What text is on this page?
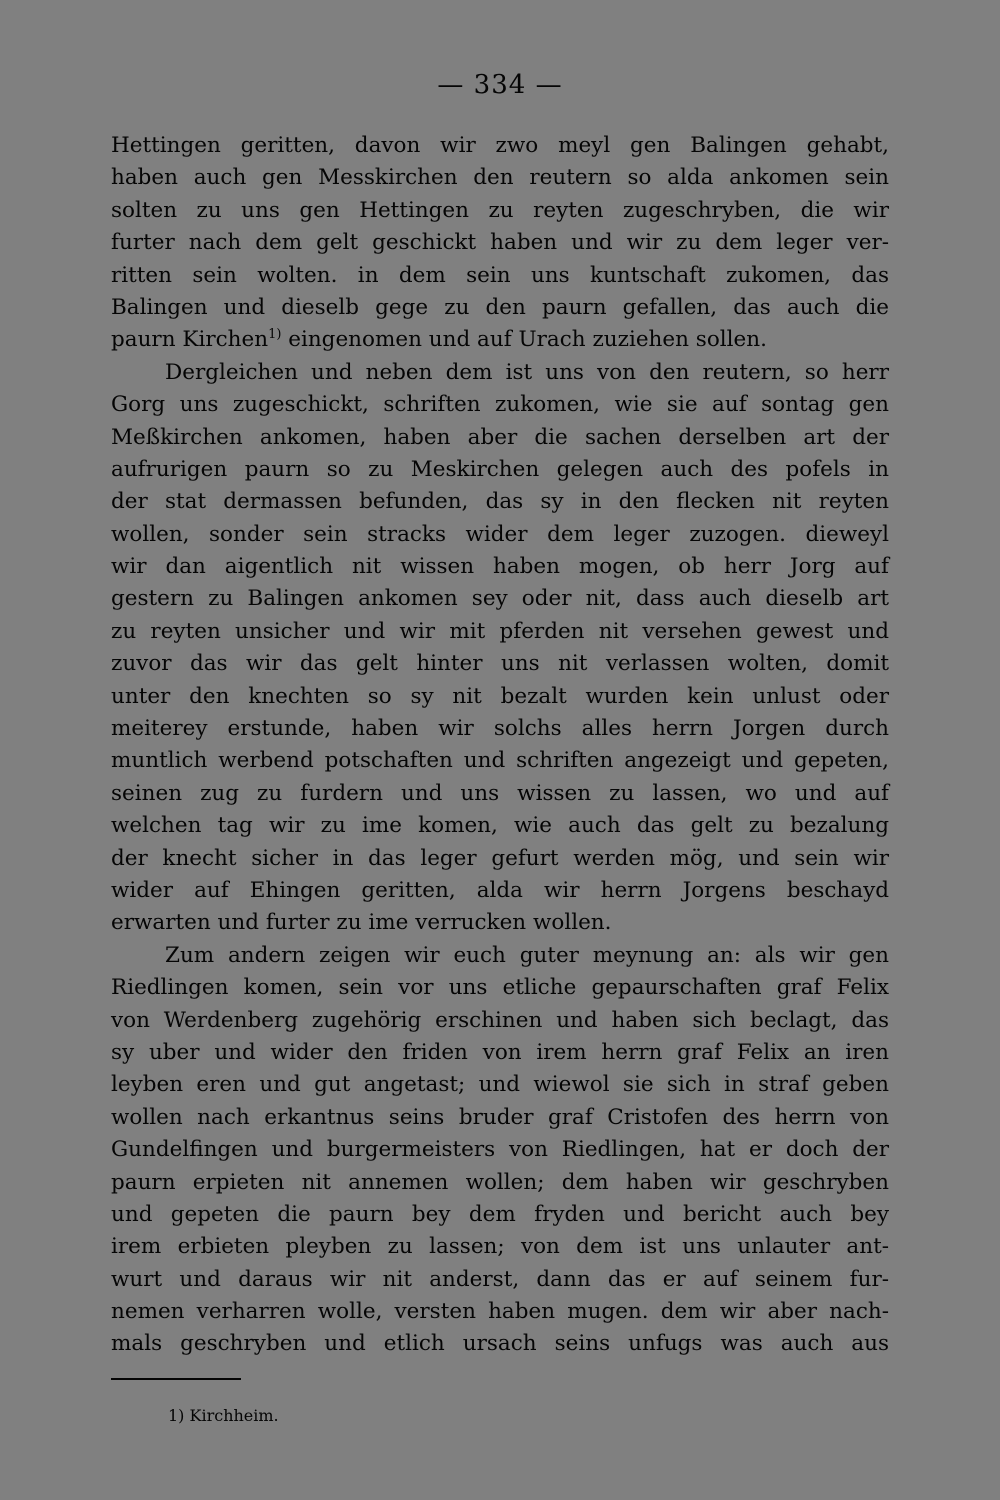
— 334 —
Hettingen geritten, davon wir zwo meyl gen Balingen gehabt,
haben auch gen Messkirchen den reutern so alda ankomen sein
solten zu uns gen Hettingen zu reyten zugeschryben, die wir
furter nach dem gelt geschickt haben und wir zu dem leger ver-
ritten sein wolten. in dem sein uns kuntschaft zukomen, das
Balingen und dieselb gege zu den paurn gefallen, das auch die
paurn Kirchen$^{1)}$ eingenomen und auf Urach zuziehen sollen.
Dergleichen und neben dem ist uns von den reutern, so herr
Gorg uns zugeschickt, schriften zukomen, wie sie auf sontag gen
Meßkirchen ankomen, haben aber die sachen derselben art der
aufrurigen paurn so zu Meskirchen gelegen auch des pofels in
der stat dermassen befunden, das sy in den flecken nit reyten
wollen, sonder sein stracks wider dem leger zuzogen. dieweyl
wir dan aigentlich nit wissen haben mogen, ob herr Jorg auf
gestern zu Balingen ankomen sey oder nit, dass auch dieselb art
zu reyten unsicher und wir mit pferden nit versehen gewest und
zuvor das wir das gelt hinter uns nit verlassen wolten, domit
unter den knechten so sy nit bezalt wurden kein unlust oder
meiterey erstunde, haben wir solchs alles herrn Jorgen durch
muntlich werbend potschaften und schriften angezeigt und gepeten,
seinen zug zu furdern und uns wissen zu lassen, wo und auf
welchen tag wir zu ime komen, wie auch das gelt zu bezalung
der knecht sicher in das leger gefurt werden mög, und sein wir
wider auf Ehingen geritten, alda wir herrn Jorgens beschayd
erwarten und furter zu ime verrucken wollen.
Zum andern zeigen wir euch guter meynung an: als wir gen
Riedlingen komen, sein vor uns etliche gepaurschaften graf Felix
von Werdenberg zugehörig erschinen und haben sich beclagt, das
sy uber und wider den friden von irem herrn graf Felix an iren
leyben eren und gut angetast; und wiewol sie sich in straf geben
wollen nach erkantnus seins bruder graf Cristofen des herrn von
Gundelfingen und burgermeisters von Riedlingen, hat er doch der
paurn erpieten nit annemen wollen; dem haben wir geschryben
und gepeten die paurn bey dem fryden und bericht auch bey
irem erbieten pleyben zu lassen; von dem ist uns unlauter ant-
wurt und daraus wir nit anderst, dann das er auf seinem fur-
nemen verharren wolle, versten haben mugen. dem wir aber nach-
mals geschryben und etlich ursach seins unfugs was auch aus
1) Kirchheim.
